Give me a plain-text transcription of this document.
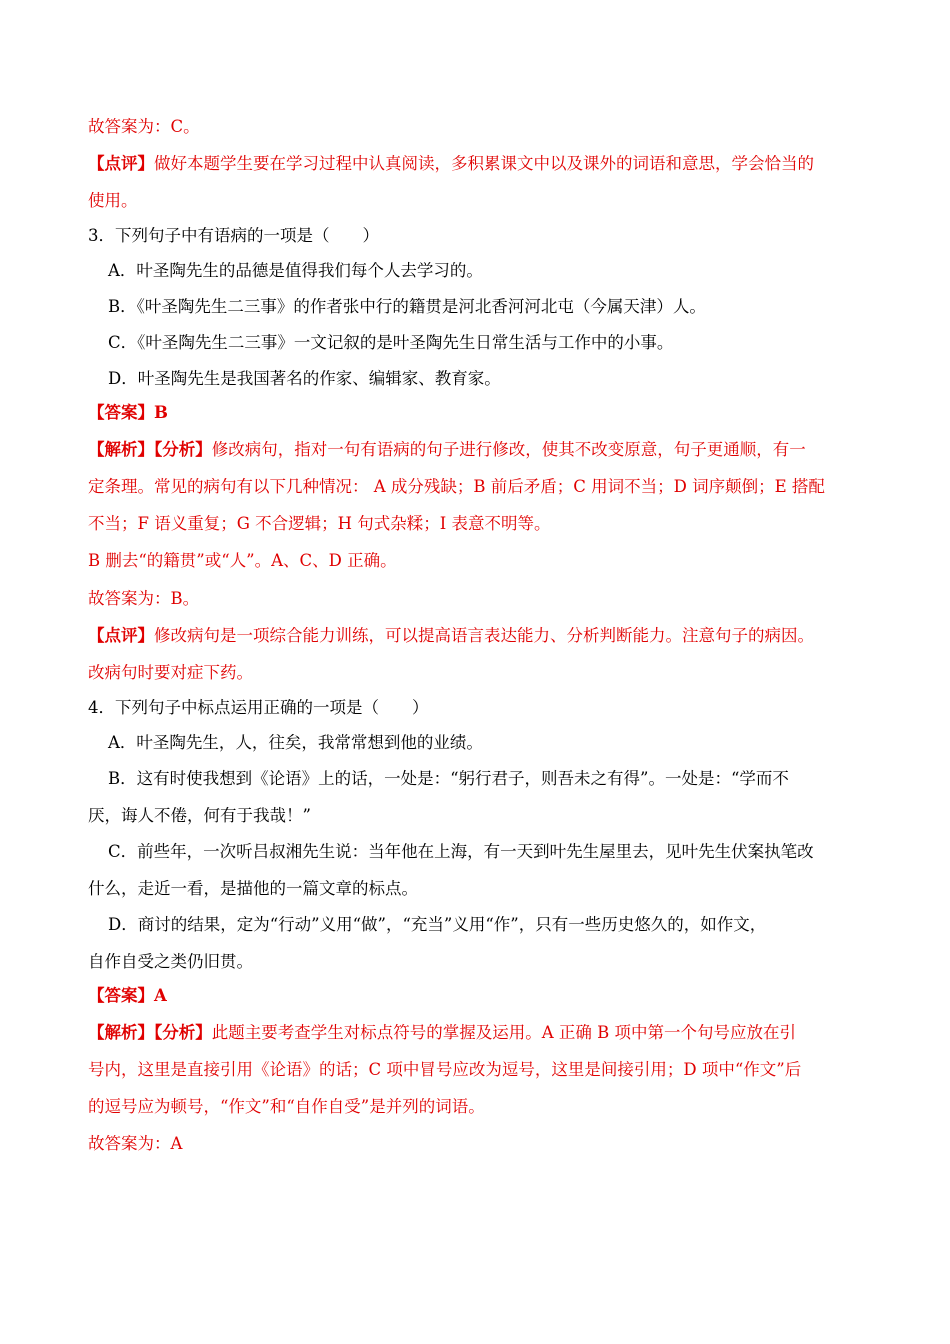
故答案为：C。
【点评】做好本题学生要在学习过程中认真阅读，多积累课文中以及课外的词语和意思，学会恰当的
使用。
3．下列句子中有语病的一项是（　　）
A．叶圣陶先生的品德是值得我们每个人去学习的。
B．《叶圣陶先生二三事》的作者张中行的籍贯是河北香河河北屯（今属天津）人。
C．《叶圣陶先生二三事》一文记叙的是叶圣陶先生日常生活与工作中的小事。
D．叶圣陶先生是我国著名的作家、编辑家、教育家。
【答案】B
【解析】【分析】修改病句，指对一句有语病的句子进行修改，使其不改变原意，句子更通顺，有一
定条理。常见的病句有以下几种情况： A 成分残缺；B 前后矛盾；C 用词不当；D 词序颠倒；E 搭配
不当；F 语义重复；G 不合逻辑；H 句式杂糅；I 表意不明等。
B 删去“的籍贯”或“人”。A、C、D 正确。
故答案为：B。
【点评】修改病句是一项综合能力训练，可以提高语言表达能力、分析判断能力。注意句子的病因。
改病句时要对症下药。
4．下列句子中标点运用正确的一项是（　　）
A．叶圣陶先生，人，往矣，我常常想到他的业绩。
B．这有时使我想到《论语》上的话，一处是：“躬行君子，则吾未之有得”。一处是：“学而不
厌，诲人不倦，何有于我哉！”
C．前些年，一次听吕叔湘先生说：当年他在上海，有一天到叶先生屋里去，见叶先生伏案执笔改
什么，走近一看，是描他的一篇文章的标点。
D．商讨的结果，定为“行动”义用“做”，“充当”义用“作”，只有一些历史悠久的，如作文，
自作自受之类仍旧贯。
【答案】A
【解析】【分析】此题主要考查学生对标点符号的掌握及运用。A 正确 B 项中第一个句号应放在引
号内，这里是直接引用《论语》的话；C 项中冒号应改为逗号，这里是间接引用；D 项中“作文”后
的逗号应为顿号，“作文”和“自作自受”是并列的词语。
故答案为：A
